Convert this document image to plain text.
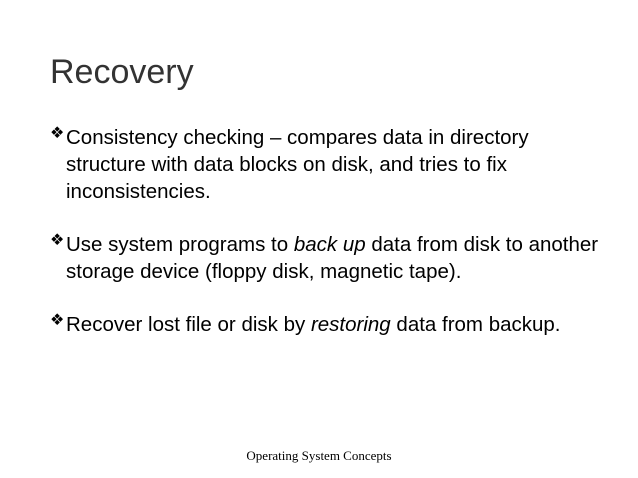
Recovery
❖ Consistency checking – compares data in directory structure with data blocks on disk, and tries to fix inconsistencies.
❖ Use system programs to back up data from disk to another storage device (floppy disk, magnetic tape).
❖ Recover lost file or disk by restoring data from backup.
Operating System Concepts
